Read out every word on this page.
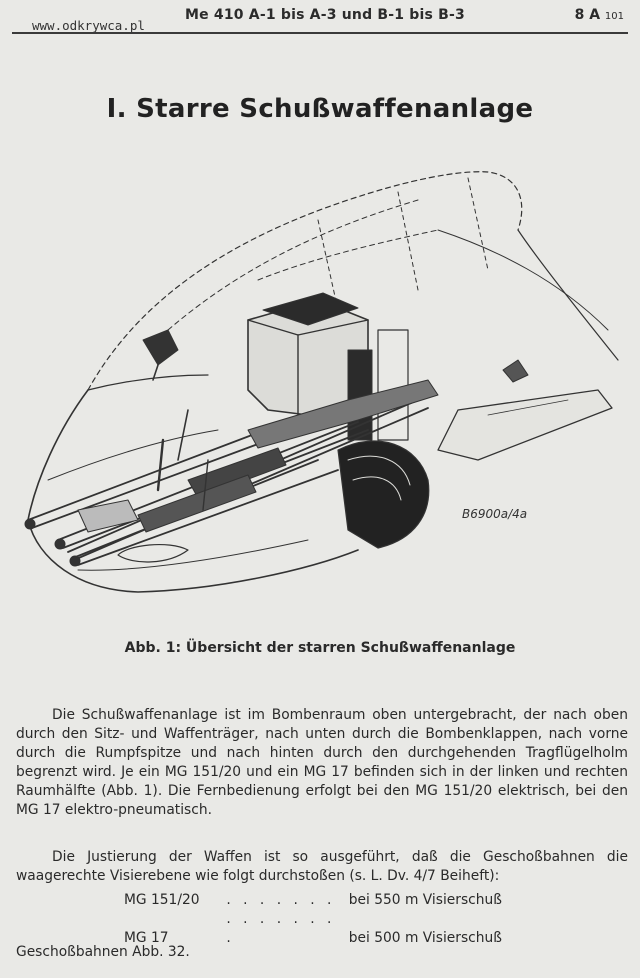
www.odkrywca.pl
Me 410 A-1 bis A-3 und B-1 bis B-3	8 A 101
I. Starre Schußwaffenanlage
B6900a/4a
Abb. 1: Übersicht der starren Schußwaffenanlage

Die Schußwaffenanlage ist im Bombenraum oben untergebracht, der nach oben durch den Sitz- und Waffenträger, nach unten durch die Bombenklappen, nach vorne durch die Rumpfspitze und nach hinten durch den durchgehenden Tragflügelholm begrenzt wird. Je ein MG 151/20 und ein MG 17 befinden sich in der linken und rechten Raumhälfte (Abb. 1). Die Fernbedienung erfolgt bei den MG 151/20 elektrisch, bei den MG 17 elektro-pneumatisch.

Die Justierung der Waffen ist so ausgeführt, daß die Geschoßbahnen die waagerechte Visierebene wie folgt durchstoßen (s. L. Dv. 4/7 Beiheft):

MG 151/20 . . . . . . . bei 550 m Visierschuß
MG 17 . . . . . . . .	bei 500 m Visierschuß
Geschoßbahnen Abb. 32.
